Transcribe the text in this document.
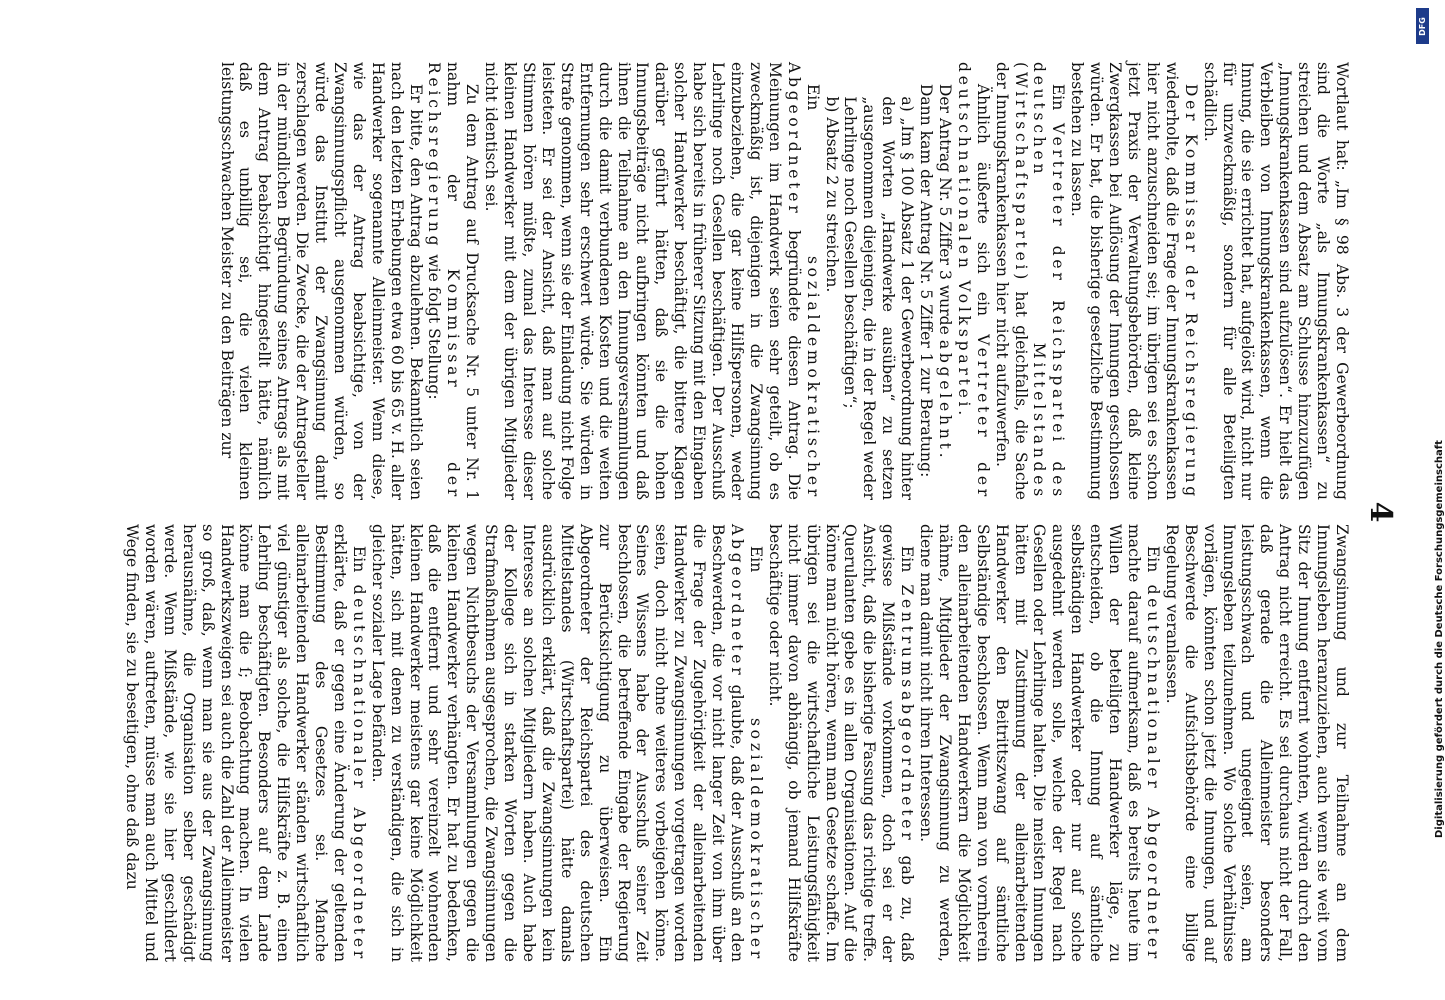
4

Wortlaut hat: „Im § 98 Abs. 3 der Gewerbeordnung sind die Worte „als Innungskrankenkassen“ zu streichen und dem Absatz am Schlusse hinzuzufügen „Innungskrankenkassen sind aufzulösen“. Er hielt das Verbleiben von Innungskrankenkassen, wenn die Innung, die sie errichtet hat, aufgelöst wird, nicht nur für unzweckmäßig, sondern für alle Beteiligten schädlich.

Der Kommissar der Reichsregierung wiederholte, daß die Frage der Innungskrankenkassen hier nicht anzuschneiden sei; im übrigen sei es schon jetzt Praxis der Verwaltungsbehörden, daß kleine Zwergkassen bei Auflösung der Innungen geschlossen würden. Er bat, die bisherige gesetzliche Bestimmung bestehen zu lassen.

Ein Vertreter der Reichspartei des deutschen Mittelstandes (Wirtschaftspartei) hat gleichfalls, die Sache der Innungskrankenkassen hier nicht aufzuwerfen.

Ähnlich äußerte sich ein Vertreter der deutschnationalen Volkspartei.

Der Antrag Nr. 5 Ziffer 3 wurde abgelehnt.

Dann kam der Antrag Nr. 5 Ziffer 1 zur Beratung:

a) „Im § 100 Absatz 1 der Gewerbeordnung hinter den Worten „Handwerke ausüben“ zu setzen „ausgenommen diejenigen, die in der Regel weder Lehrlinge noch Gesellen beschäftigen“;

b) Absatz 2 zu streichen.

Ein sozialdemokratischer Abgeordneter begründete diesen Antrag. Die Meinungen im Handwerk seien sehr geteilt, ob es zweckmäßig ist, diejenigen in die Zwangsinnung einzubeziehen, die gar keine Hilfspersonen, weder Lehrlinge noch Gesellen beschäftigen. Der Ausschuß habe sich bereits in früherer Sitzung mit den Eingaben solcher Handwerker beschäftigt, die bittere Klagen darüber geführt hätten, daß sie die hohen Innungsbeiträge nicht aufbringen könnten und daß ihnen die Teilnahme an den Innungsversammlungen durch die damit verbundenen Kosten und die weiten Entfernungen sehr erschwert würde. Sie würden in Strafe genommen, wenn sie der Einladung nicht Folge leisteten. Er sei der Ansicht, daß man auf solche Stimmen hören müßte, zumal das Interesse dieser kleinen Handwerker mit dem der übrigen Mitglieder nicht identisch sei.

Zu dem Antrag auf Drucksache Nr. 5 unter Nr. 1 nahm der Kommissar der Reichsregierung wie folgt Stellung:

Er bitte, den Antrag abzulehnen. Bekanntlich seien nach den letzten Erhebungen etwa 60 bis 65 v. H. aller Handwerker sogenannte Alleinmeister. Wenn diese, wie das der Antrag beabsichtige, von der Zwangsinnungspflicht ausgenommen würden, so würde das Institut der Zwangsinnung damit zerschlagen werden. Die Zwecke, die der Antragsteller in der mündlichen Begründung seines Antrags als mit dem Antrag beabsichtigt hingestellt hätte, nämlich daß es unbillig sei, die vielen kleinen leistungsschwachen Meister zu den Beiträgen zur

Zwangsinnung und zur Teilnahme an dem Innungsleben heranzuziehen, auch wenn sie weit vom Sitz der Innung entfernt wohnten, würden durch den Antrag nicht erreicht. Es sei durchaus nicht der Fall, daß gerade die Alleinmeister besonders leistungsschwach und ungeeignet seien, am Innungsleben teilzunehmen. Wo solche Verhältnisse vorlägen, könnten schon jetzt die Innungen, und auf Beschwerde die Aufsichtsbehörde eine billige Regelung veranlassen.

Ein deutschnationaler Abgeordneter machte darauf aufmerksam, daß es bereits heute im Willen der beteiligten Handwerker läge, zu entscheiden, ob die Innung auf sämtliche selbständigen Handwerker oder nur auf solche ausgedehnt werden solle, welche der Regel nach Gesellen oder Lehrlinge halten. Die meisten Innungen hätten mit Zustimmung der alleinarbeitenden Handwerker den Beitrittszwang auf sämtliche Selbständige beschlossen. Wenn man von vornherein den alleinarbeitenden Handwerkern die Möglichkeit nähme, Mitglieder der Zwangsinnung zu werden, diene man damit nicht ihren Interessen.

Ein Zentrumsabgeordneter gab zu, daß gewisse Mißstände vorkommen, doch sei er der Ansicht, daß die bisherige Fassung das richtige treffe. Querulanten gebe es in allen Organisationen. Auf die könne man nicht hören, wenn man Gesetze schaffe. Im übrigen sei die wirtschaftliche Leistungsfähigkeit nicht immer davon abhängig, ob jemand Hilfskräfte beschäftige oder nicht.

Ein sozialdemokratischer Abgeordneter glaubte, daß der Ausschuß an den Beschwerden, die vor nicht langer Zeit von ihm über die Frage der Zugehörigkeit der alleinarbeitenden Handwerker zu Zwangsinnungen vorgetragen worden seien, doch nicht ohne weiteres vorbeigehen könne. Seines Wissens habe der Ausschuß seiner Zeit beschlossen, die betreffende Eingabe der Regierung zur Berücksichtigung zu überweisen. Ein Abgeordneter der Reichspartei des deutschen Mittelstandes (Wirtschaftspartei) hätte damals ausdrücklich erklärt, daß die Zwangsinnungen kein Interesse an solchen Mitgliedern haben. Auch habe der Kollege sich in starken Worten gegen die Strafmaßnahmen ausgesprochen, die Zwangsinnungen wegen Nichtbesuchs der Versammlungen gegen die kleinen Handwerker verhängten. Er hat zu bedenken, daß die entfernt und sehr vereinzelt wohnenden kleinen Handwerker meistens gar keine Möglichkeit hätten, sich mit denen zu verständigen, die sich in gleicher sozialer Lage befänden.

Ein deutschnationaler Abgeordneter erklärte, daß er gegen eine Änderung der geltenden Bestimmung des Gesetzes sei. Manche alleinarbeitenden Handwerker ständen wirtschaftlich viel günstiger als solche, die Hilfskräfte z. B. einen Lehrling beschäftigten. Besonders auf dem Lande könne man die ſ; Beobachtung machen. In vielen Handwerkszweigen sei auch die Zahl der Alleinmeister so groß, daß, wenn man sie aus der Zwangsinnung herausnähme, die Organisation selber geschädigt werde. Wenn Mißstände, wie sie hier geschildert worden wären, auftreten, müsse man auch Mittel und Wege finden, sie zu beseitigen, ohne daß dazu	Digitalisierung gefördert durch die Deutsche Forschungsgemeinschaft
DFG
